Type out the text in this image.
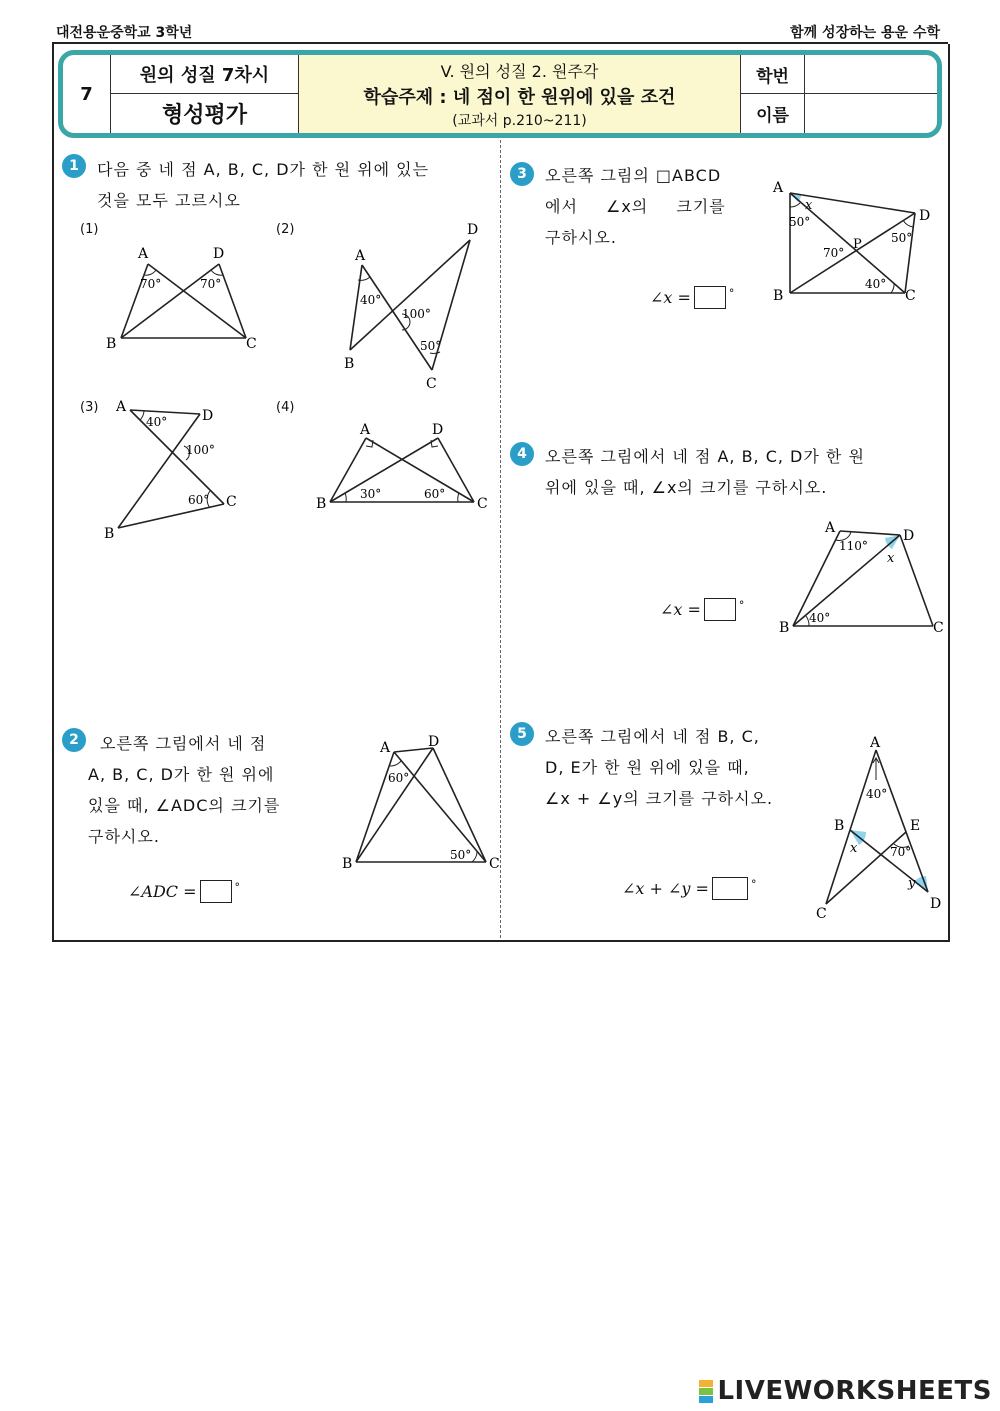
대전용운중학교 3학년	함께 성장하는 용운 수학
7
원의 성질 7차시
형성평가
V. 원의 성질 2. 원주각
학습주제 : 네 점이 한 원위에 있을 조건
(교과서 p.210~211)
학번
이름
1	다음 중 네 점 A, B, C, D가 한 원 위에 있는
것을 모두 고르시오
(1)	(2)
(3)	(4)
A	D
B	C
70°	70°
A
D
B
C
40°
100°
50°
A
D
B
C
40°
100°
60°
A	D
B	C
30°	60°
2	오른쪽 그림에서 네 점
A, B, C, D가 한 원 위에
있을 때, ∠ADC의 크기를
구하시오.
∠ADC =	°
A	D
B	C
60°
50°
3	오른쪽 그림의 □ABCD
에서 ∠x의 크기를
구하시오.
∠x =	°
A
D
B	C
P
x
50°
70°
40°
50°
4	오른쪽 그림에서 네 점 A, B, C, D가 한 원
위에 있을 때, ∠x의 크기를 구하시오.
∠x =	°
A	D
B	C
x
110°
40°
5	오른쪽 그림에서 네 점 B, C,
D, E가 한 원 위에 있을 때,
∠x + ∠y의 크기를 구하시오.
∠x + ∠y =	°
A
B	E
C
D
x
y
40°
70°
LIVEWORKSHEETS
